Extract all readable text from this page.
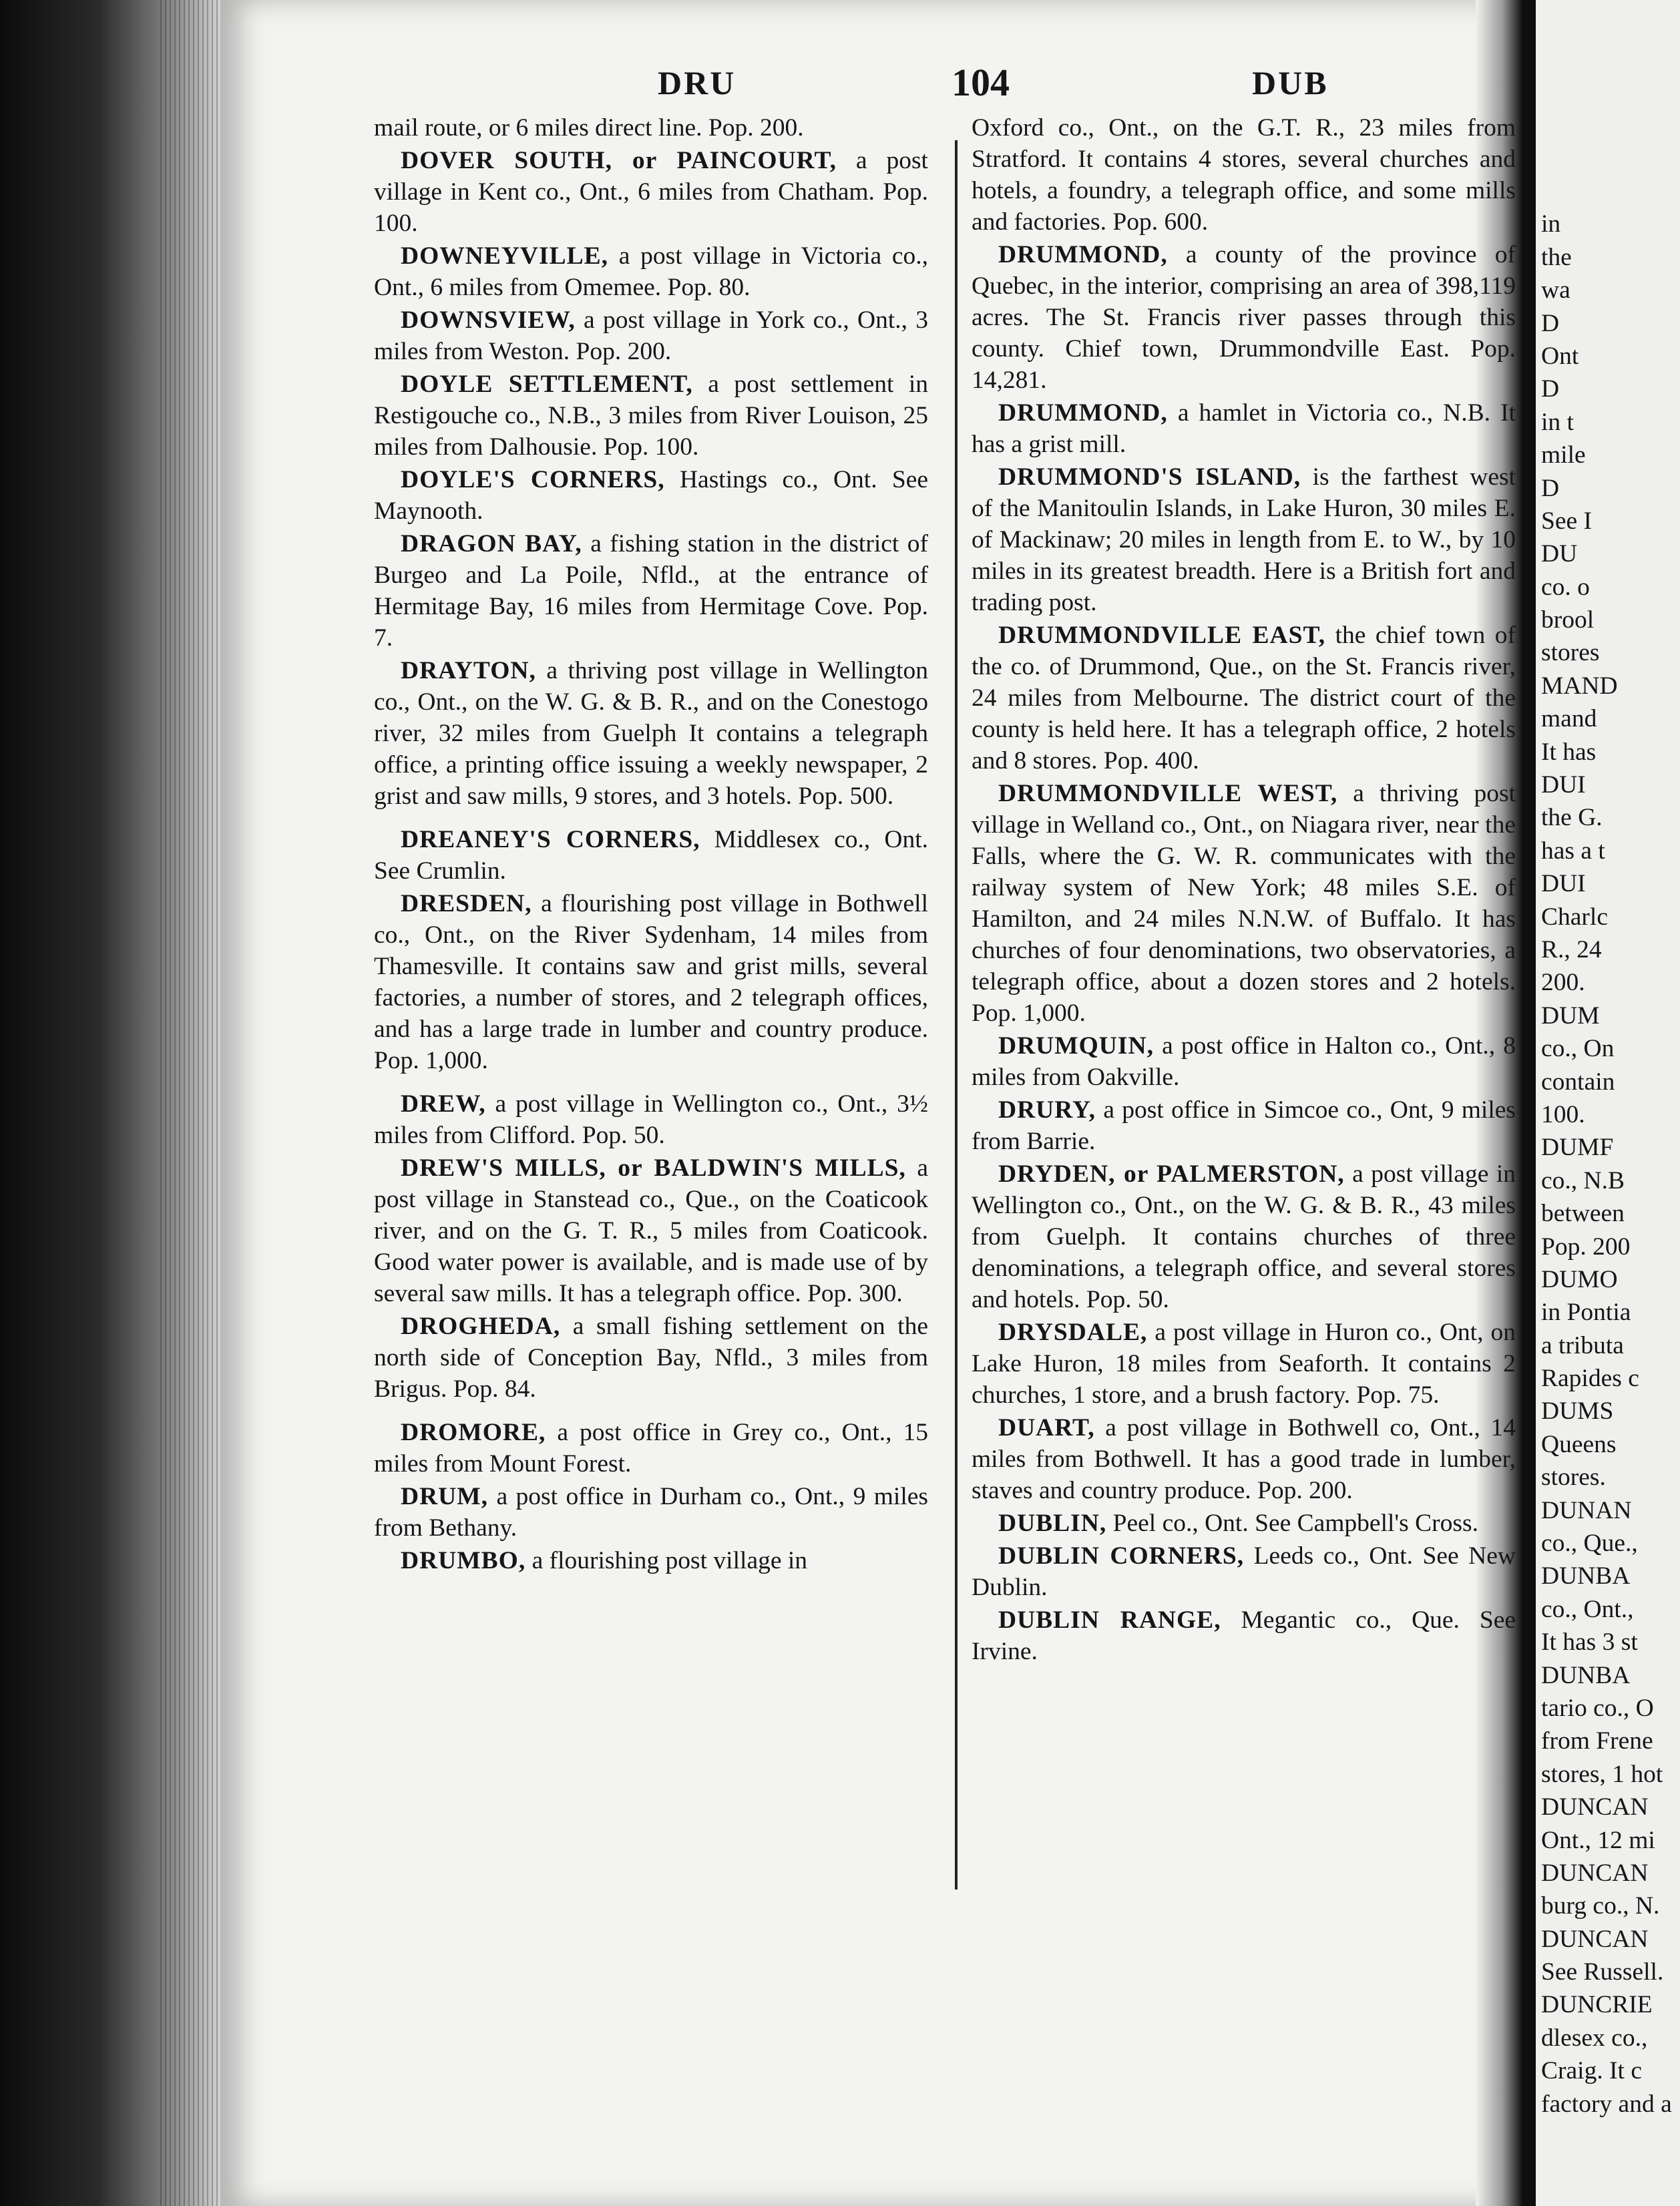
in
the
wa
D
Ont
D
in t
mile
D
See I
DU
co. o
brool
stores
MAND
mand
It has
DUI
the G.
has a t
DUI
Charlc
R., 24
200.
DUM
co., On
contain
100.
DUMF
co., N.B
between
Pop. 200
DUMO
in Pontia
a tributa
Rapides c
DUMS
Queens
stores.
DUNAN
co., Que.,
DUNBA
co., Ont.,
It has 3 st
DUNBA
tario co., O
from Frene
stores, 1 hot
DUNCAN
Ont., 12 mi
DUNCAN
burg co., N.
DUNCAN
See Russell.
DUNCRIE
dlesex co.,
Craig. It c
factory and a
DRU	104	DUB

mail route, or 6 miles direct line. Pop. 200.

DOVER SOUTH, or PAINCOURT, a post village in Kent co., Ont., 6 miles from Chatham. Pop. 100.

DOWNEYVILLE, a post village in Victoria co., Ont., 6 miles from Omemee. Pop. 80.

DOWNSVIEW, a post village in York co., Ont., 3 miles from Weston. Pop. 200.

DOYLE SETTLEMENT, a post settlement in Restigouche co., N.B., 3 miles from River Louison, 25 miles from Dalhousie. Pop. 100.

DOYLE'S CORNERS, Hastings co., Ont. See Maynooth.

DRAGON BAY, a fishing station in the district of Burgeo and La Poile, Nfld., at the entrance of Hermitage Bay, 16 miles from Hermitage Cove. Pop. 7.

DRAYTON, a thriving post village in Wellington co., Ont., on the W. G. & B. R., and on the Conestogo river, 32 miles from Guelph It contains a telegraph office, a printing office issuing a weekly newspaper, 2 grist and saw mills, 9 stores, and 3 hotels. Pop. 500.

DREANEY'S CORNERS, Middlesex co., Ont. See Crumlin.

DRESDEN, a flourishing post village in Bothwell co., Ont., on the River Sydenham, 14 miles from Thamesville. It contains saw and grist mills, several factories, a number of stores, and 2 telegraph offices, and has a large trade in lumber and country produce. Pop. 1,000.

DREW, a post village in Wellington co., Ont., 3½ miles from Clifford. Pop. 50.

DREW'S MILLS, or BALDWIN'S MILLS, a post village in Stanstead co., Que., on the Coaticook river, and on the G. T. R., 5 miles from Coaticook. Good water power is available, and is made use of by several saw mills. It has a telegraph office. Pop. 300.

DROGHEDA, a small fishing settlement on the north side of Conception Bay, Nfld., 3 miles from Brigus. Pop. 84.

DROMORE, a post office in Grey co., Ont., 15 miles from Mount Forest.

DRUM, a post office in Durham co., Ont., 9 miles from Bethany.

DRUMBO, a flourishing post village in

Oxford co., Ont., on the G.T. R., 23 miles from Stratford. It contains 4 stores, several churches and hotels, a foundry, a telegraph office, and some mills and factories. Pop. 600.

DRUMMOND, a county of the province of Quebec, in the interior, comprising an area of 398,119 acres. The St. Francis river passes through this county. Chief town, Drummondville East. Pop. 14,281.

DRUMMOND, a hamlet in Victoria co., N.B. It has a grist mill.

DRUMMOND'S ISLAND, is the farthest west of the Manitoulin Islands, in Lake Huron, 30 miles E. of Mackinaw; 20 miles in length from E. to W., by 10 miles in its greatest breadth. Here is a British fort and trading post.

DRUMMONDVILLE EAST, the chief town of the co. of Drummond, Que., on the St. Francis river, 24 miles from Melbourne. The district court of the county is held here. It has a telegraph office, 2 hotels and 8 stores. Pop. 400.

DRUMMONDVILLE WEST, a thriving post village in Welland co., Ont., on Niagara river, near the Falls, where the G. W. R. communicates with the railway system of New York; 48 miles S.E. of Hamilton, and 24 miles N.N.W. of Buffalo. It has churches of four denominations, two observatories, a telegraph office, about a dozen stores and 2 hotels. Pop. 1,000.

DRUMQUIN, a post office in Halton co., Ont., 8 miles from Oakville.

DRURY, a post office in Simcoe co., Ont, 9 miles from Barrie.

DRYDEN, or PALMERSTON, a post village in Wellington co., Ont., on the W. G. & B. R., 43 miles from Guelph. It contains churches of three denominations, a telegraph office, and several stores and hotels. Pop. 50.

DRYSDALE, a post village in Huron co., Ont, on Lake Huron, 18 miles from Seaforth. It contains 2 churches, 1 store, and a brush factory. Pop. 75.

DUART, a post village in Bothwell co, Ont., 14 miles from Bothwell. It has a good trade in lumber, staves and country produce. Pop. 200.

DUBLIN, Peel co., Ont. See Campbell's Cross.

DUBLIN CORNERS, Leeds co., Ont. See New Dublin.

DUBLIN RANGE, Megantic co., Que. See Irvine.
